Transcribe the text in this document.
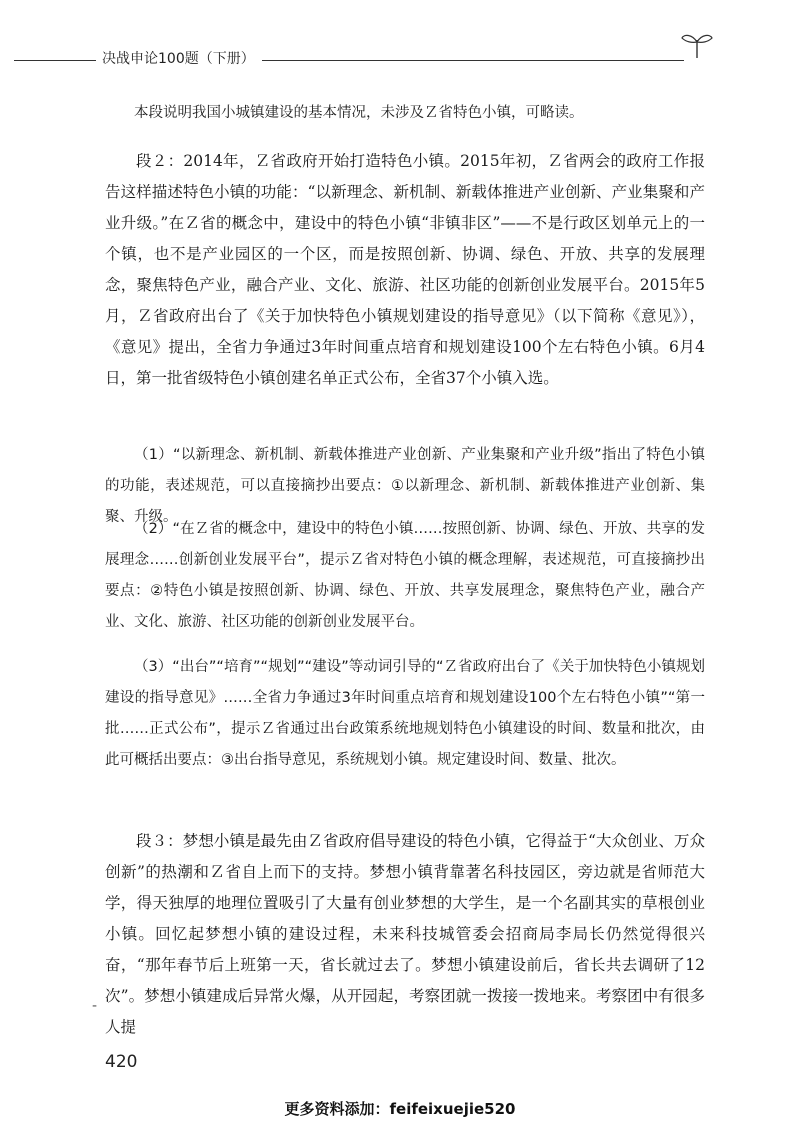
决战申论100题（下册）
本段说明我国小城镇建设的基本情况，未涉及Ｚ省特色小镇，可略读。
段２：2014年，Ｚ省政府开始打造特色小镇。2015年初，Ｚ省两会的政府工作报告这样描述特色小镇的功能：“以新理念、新机制、新载体推进产业创新、产业集聚和产业升级。”在Ｚ省的概念中，建设中的特色小镇“非镇非区”——不是行政区划单元上的一个镇，也不是产业园区的一个区，而是按照创新、协调、绿色、开放、共享的发展理念，聚焦特色产业，融合产业、文化、旅游、社区功能的创新创业发展平台。2015年5月，Ｚ省政府出台了《关于加快特色小镇规划建设的指导意见》（以下简称《意见》），《意见》提出，全省力争通过3年时间重点培育和规划建设100个左右特色小镇。6月4日，第一批省级特色小镇创建名单正式公布，全省37个小镇入选。
（1）“以新理念、新机制、新载体推进产业创新、产业集聚和产业升级”指出了特色小镇的功能，表述规范，可以直接摘抄出要点：①以新理念、新机制、新载体推进产业创新、集聚、升级。
（2）“在Ｚ省的概念中，建设中的特色小镇……按照创新、协调、绿色、开放、共享的发展理念……创新创业发展平台”，提示Ｚ省对特色小镇的概念理解，表述规范，可直接摘抄出要点：②特色小镇是按照创新、协调、绿色、开放、共享发展理念，聚焦特色产业，融合产业、文化、旅游、社区功能的创新创业发展平台。
（3）“出台”“培育”“规划”“建设”等动词引导的“Ｚ省政府出台了《关于加快特色小镇规划建设的指导意见》……全省力争通过3年时间重点培育和规划建设100个左右特色小镇”“第一批……正式公布”，提示Ｚ省通过出台政策系统地规划特色小镇建设的时间、数量和批次，由此可概括出要点：③出台指导意见，系统规划小镇。规定建设时间、数量、批次。
-
段３：梦想小镇是最先由Ｚ省政府倡导建设的特色小镇，它得益于“大众创业、万众创新”的热潮和Ｚ省自上而下的支持。梦想小镇背靠著名科技园区，旁边就是省师范大学，得天独厚的地理位置吸引了大量有创业梦想的大学生，是一个名副其实的草根创业小镇。回忆起梦想小镇的建设过程，未来科技城管委会招商局李局长仍然觉得很兴奋，“那年春节后上班第一天，省长就过去了。梦想小镇建设前后，省长共去调研了12次”。梦想小镇建成后异常火爆，从开园起，考察团就一拨接一拨地来。考察团中有很多人提
420
更多资料添加：feifeixuejie520
